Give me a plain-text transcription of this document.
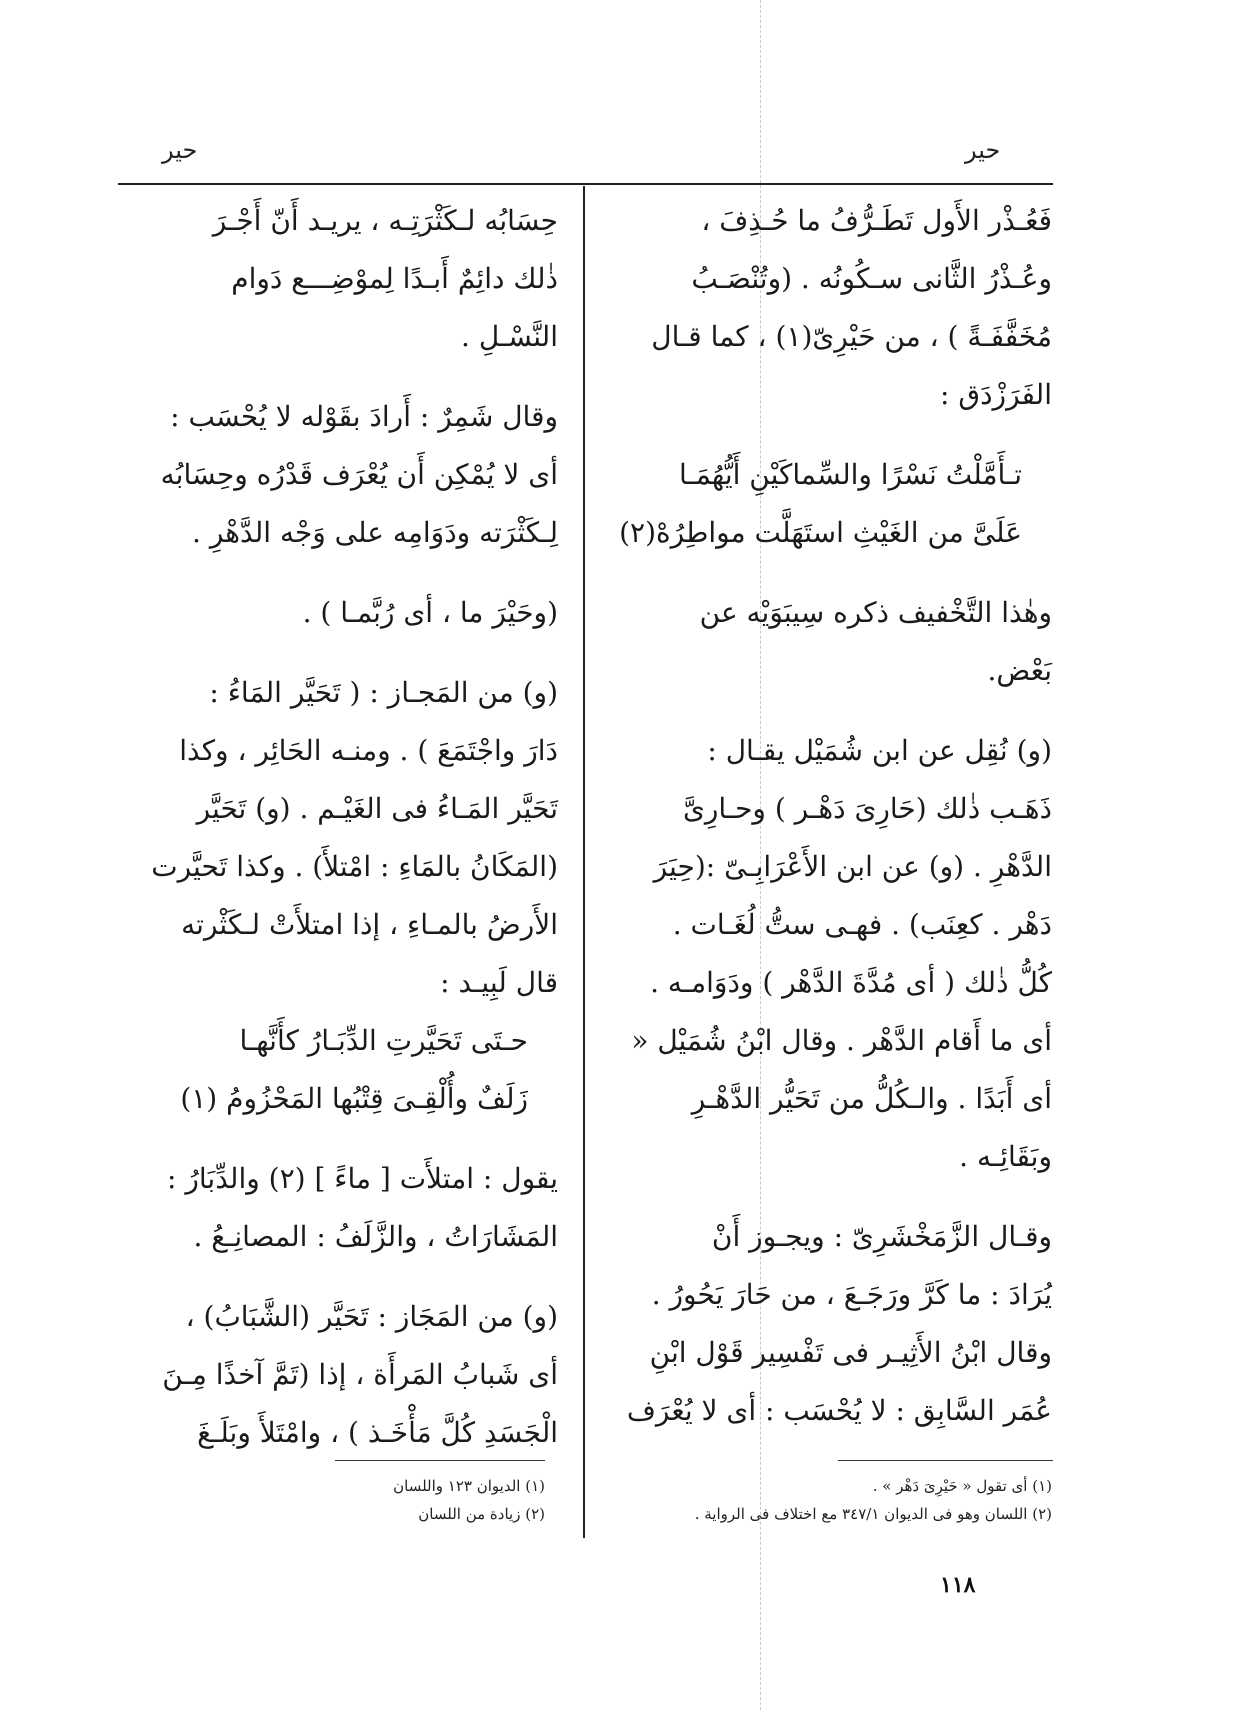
حير	حير
فَعُـذْر الأَول تَطَـرُّفُ ما حُـذِفَ ،
وعُـذْرُ الثَّانى سـكُونُه . (وتُنْصَـبُ
مُخَفَّفَـةً ) ، من حَيْرِىّ(١) ، كما قـال
الفَرَزْدَق :
تـأَمَّلْتُ نَسْرًا والسِّماكَيْنِ أَيُّهُمَـا
عَلَىَّ من الغَيْثِ استَهَلَّت مواطِرُهْ(٢)
وهٰذا التَّخْفيف ذكره سِيبَوَيْه عن
بَعْض.
(و) نُقِل عن ابن شُمَيْل يقـال :
ذَهَـب ذٰلك (حَارِىَ دَهْـر ) وحـارِىَّ
الدَّهْرِ . (و) عن ابن الأَعْرَابِـىّ :(حِيَرَ
دَهْر . كعِنَب) . فهـى ستُّ لُغَـات .
كُلُّ ذٰلك ( أى مُدَّةَ الدَّهْر ) ودَوَامـه .
أى ما أَقام الدَّهْر . وقال ابْنُ شُمَيْل «
أى أَبَدًا . والـكُلُّ من تَحَيُّر الدَّهْـرِ
وبَقَائِـه .
وقـال الزَّمَخْشَرِىّ : ويجـوز أَنْ
يُرَادَ : ما كَرَّ ورَجَـعَ ، من حَارَ يَحُورُ .
وقال ابْنُ الأَثِيـر فى تَفْسِير قَوْل ابْنِ
عُمَر السَّابِق : لا يُحْسَب : أى لا يُعْرَف
حِسَابُه لـكَثْرَتِـه ، يريـد أَنّ أَجْـرَ
ذٰلك دائِمٌ أَبـدًا لِموْضِـــع دَوام
النَّسْـلِ .
وقال شَمِرٌ : أَرادَ بقَوْله لا يُحْسَب :
أى لا يُمْكِن أَن يُعْرَف قَدْرُه وحِسَابُه
لِـكَثْرَته ودَوَامِه على وَجْه الدَّهْرِ .
(وحَيْرَ ما ، أى رُبَّمـا ) .
(و) من المَجـاز : ( تَحَيَّر المَاءُ :
دَارَ واجْتَمَعَ ) . ومنـه الحَائِر ، وكذا
تَحَيَّر المَـاءُ فى الغَيْـم . (و) تَحَيَّر
(المَكَانُ بالمَاءِ : امْتلأَ) . وكذا تَحيَّرت
الأَرضُ بالمـاءِ ، إذا امتلأَتْ لـكَثْرته
قال لَبِيـد :
حـتَى تَحَيَّرتِ الدِّبَـارُ كأَنَّهـا
زَلَفٌ وأُلْقِـىَ قِتْبُها المَحْزُومُ (١)
يقول : امتلأَت [ ماءً ] (٢) والدِّبَارُ :
المَشَارَاتُ ، والزَّلَفُ : المصانِـعُ .
(و) من المَجَاز : تَحَيَّر (الشَّبَابُ) ،
أى شَبابُ المَرأَة ، إذا (تَمَّ آخذًا مِـنَ
الْجَسَدِ كُلَّ مَأْخَـذ ) ، وامْتَلأَ وبَلَـغَ
(١) أى تقول « حَيْرِىَ دَهْر » .
(٢) اللسان وهو فى الديوان ٣٤٧/١ مع اختلاف فى الرواية .
(١) الديوان ١٢٣ واللسان
(٢) زيادة من اللسان
١١٨
